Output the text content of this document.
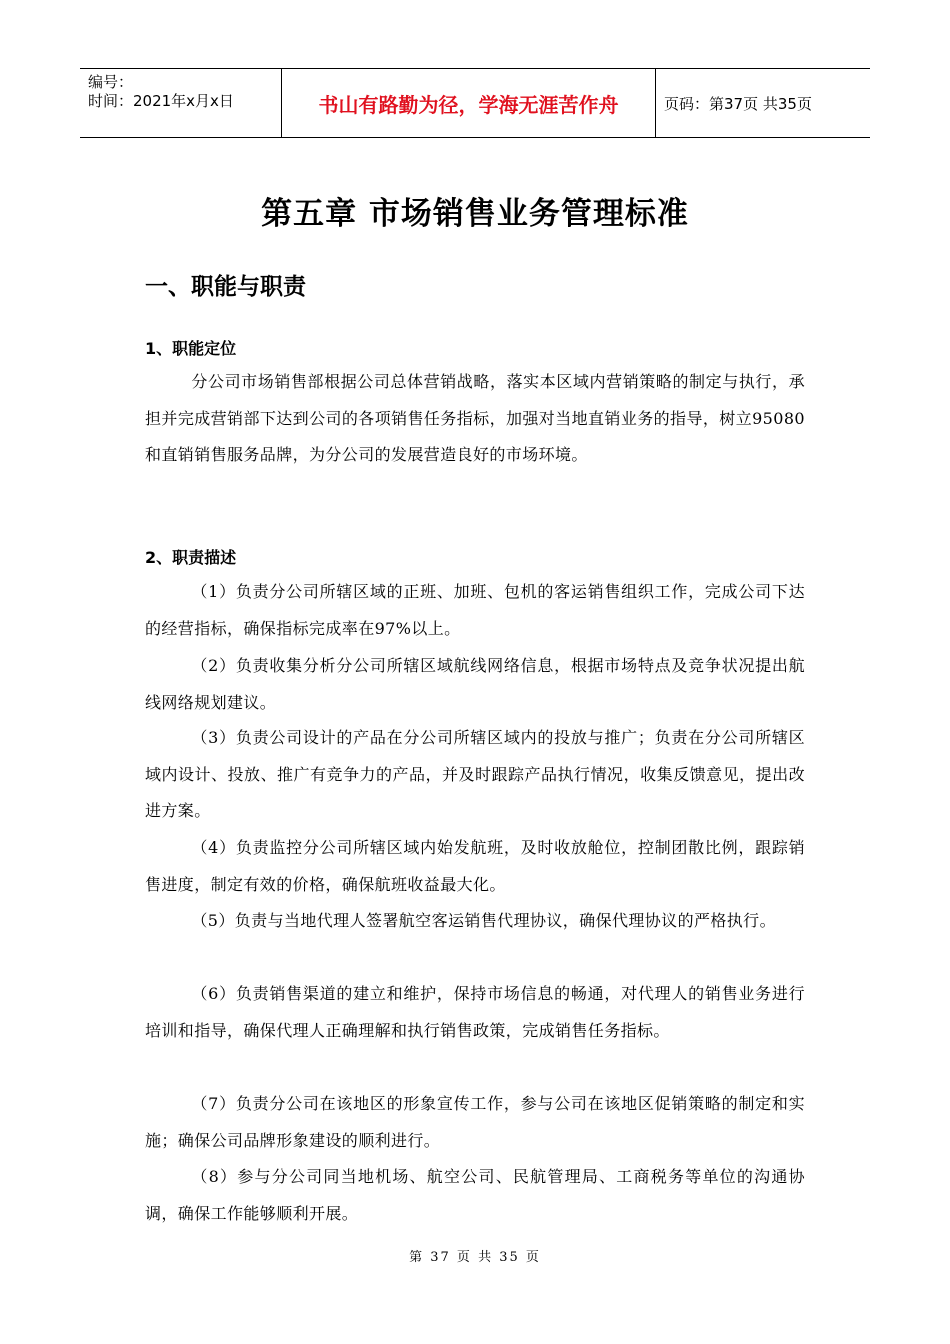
编号：
时间：2021年x月x日	书山有路勤为径，学海无涯苦作舟	页码：第37页 共35页
第五章 市场销售业务管理标准
一、职能与职责
1、职能定位
分公司市场销售部根据公司总体营销战略，落实本区域内营销策略的制定与执行，承担并完成营销部下达到公司的各项销售任务指标，加强对当地直销业务的指导，树立95080和直销销售服务品牌，为分公司的发展营造良好的市场环境。
2、职责描述
（1）负责分公司所辖区域的正班、加班、包机的客运销售组织工作，完成公司下达的经营指标，确保指标完成率在97%以上。
（2）负责收集分析分公司所辖区域航线网络信息，根据市场特点及竞争状况提出航线网络规划建议。
（3）负责公司设计的产品在分公司所辖区域内的投放与推广；负责在分公司所辖区域内设计、投放、推广有竞争力的产品，并及时跟踪产品执行情况，收集反馈意见，提出改进方案。
（4）负责监控分公司所辖区域内始发航班，及时收放舱位，控制团散比例，跟踪销售进度，制定有效的价格，确保航班收益最大化。
（5）负责与当地代理人签署航空客运销售代理协议，确保代理协议的严格执行。
（6）负责销售渠道的建立和维护，保持市场信息的畅通，对代理人的销售业务进行培训和指导，确保代理人正确理解和执行销售政策，完成销售任务指标。
（7）负责分公司在该地区的形象宣传工作，参与公司在该地区促销策略的制定和实施；确保公司品牌形象建设的顺利进行。
（8）参与分公司同当地机场、航空公司、民航管理局、工商税务等单位的沟通协调，确保工作能够顺利开展。
第 37 页 共 35 页
